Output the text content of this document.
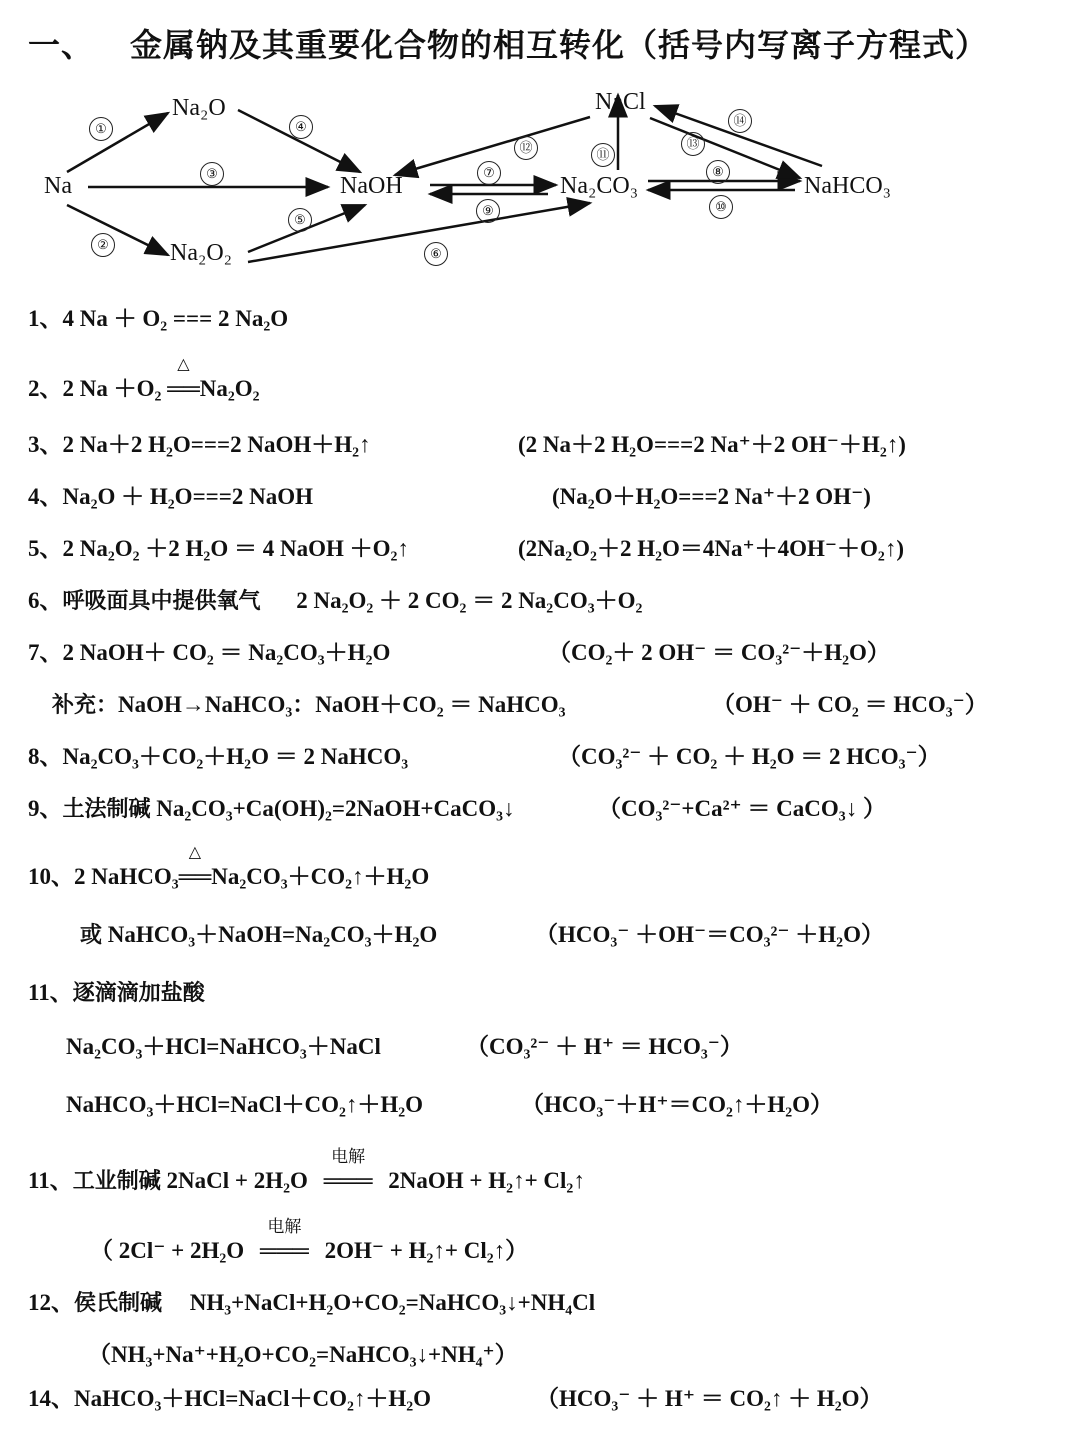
一、 金属钠及其重要化合物的相互转化（括号内写离子方程式）
Na
Na₂O
Na₂O₂
NaOH	Na₂CO₃
NaCl
NaHCO₃
①
②
③
④
⑤
⑥
⑦	⑧
⑨	⑩
⑪
⑫	⑬
⑭
1、4 Na ＋ O₂ === 2 Na₂O
2、2 Na ＋O₂
△
══Na₂O₂
3、2 Na＋2 H₂O===2 NaOH＋H₂↑	(2 Na＋2 H₂O===2 Na⁺＋2 OH⁻＋H₂↑)
4、Na₂O ＋ H₂O===2 NaOH	(Na₂O＋H₂O===2 Na⁺＋2 OH⁻)
5、2 Na₂O₂ ＋2 H₂O ＝ 4 NaOH ＋O₂↑	(2Na₂O₂＋2 H₂O＝4Na⁺＋4OH⁻＋O₂↑)
6、呼吸面具中提供氧气 2 Na₂O₂ ＋ 2 CO₂ ＝ 2 Na₂CO₃＋O₂
7、2 NaOH＋ CO₂ ＝ Na₂CO₃＋H₂O	（CO₂＋ 2 OH⁻ ＝ CO₃²⁻＋H₂O）
补充：NaOH→NaHCO₃：NaOH＋CO₂ ＝ NaHCO₃	（OH⁻ ＋ CO₂ ＝ HCO₃⁻）
8、Na₂CO₃＋CO₂＋H₂O ＝ 2 NaHCO₃	（CO₃²⁻ ＋ CO₂ ＋ H₂O ＝ 2 HCO₃⁻）
9、土法制碱 Na₂CO₃+Ca(OH)₂=2NaOH+CaCO₃↓	（CO₃²⁻+Ca²⁺ ＝ CaCO₃↓ ）
10、2 NaHCO₃
△
══Na₂CO₃＋CO₂↑＋H₂O
或 NaHCO₃＋NaOH=Na₂CO₃＋H₂O	（HCO₃⁻ ＋OH⁻＝CO₃²⁻ ＋H₂O）
11、逐滴滴加盐酸
Na₂CO₃＋HCl=NaHCO₃＋NaCl	（CO₃²⁻ ＋ H⁺ ＝ HCO₃⁻）
NaHCO₃＋HCl=NaCl＋CO₂↑＋H₂O	（HCO₃⁻＋H⁺＝CO₂↑＋H₂O）
11、工业制碱 2NaCl + 2H₂O
电解
═══ 2NaOH + H₂↑+ Cl₂↑
（ 2Cl⁻ + 2H₂O
电解
═══ 2OH⁻ + H₂↑+ Cl₂↑）
12、侯氏制碱 NH₃+NaCl+H₂O+CO₂=NaHCO₃↓+NH₄Cl
（NH₃+Na⁺+H₂O+CO₂=NaHCO₃↓+NH₄⁺）
14、NaHCO₃＋HCl=NaCl＋CO₂↑＋H₂O	（HCO₃⁻ ＋ H⁺ ＝ CO₂↑ ＋ H₂O）
